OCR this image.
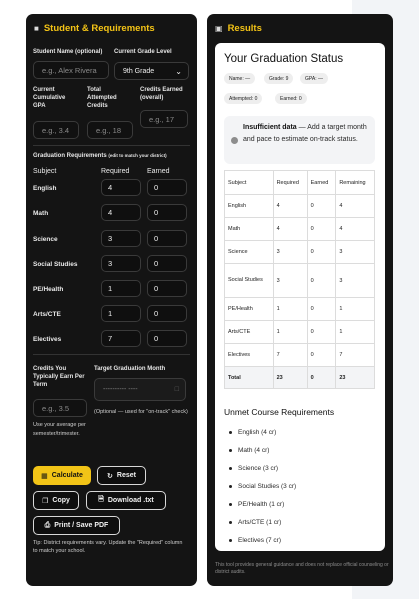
■ Student & Requirements
Student Name (optional)
e.g., Alex Rivera
Current Grade Level
9th Grade	⌄
Current Cumulative GPA
e.g., 3.4
Total Attempted Credits
e.g., 18
Credits Earned (overall)
e.g., 17
Graduation Requirements (edit to match your district)
Subject	Required	Earned
English	4	0
Math	4	0
Science	3	0
Social Studies	3	0
PE/Health	1	0
Arts/CTE	1	0
Electives	7	0
Credits You Typically Earn Per Term
e.g., 3.5
Use your average per semester/trimester.
Target Graduation Month
---------- ----	□
(Optional — used for "on-track" check)
▦ Calculate	↻ Reset
❐ Copy	🗎 Download .txt
⎙ Print / Save PDF
Tip: District requirements vary. Update the "Required" column to match your school.
▣ Results
Your Graduation Status
Name: —	Grade: 9	GPA: —
Attempted: 0	Earned: 0
Insufficient data — Add a target month and pace to estimate on-track status.
Subject	Required	Earned	Remaining
English	4	0	4
Math	4	0	4
Science	3	0	3
Social Studies	3	0	3
PE/Health	1	0	1
Arts/CTE	1	0	1
Electives	7	0	7
Total	23	0	23
Unmet Course Requirements
English (4 cr)
Math (4 cr)
Science (3 cr)
Social Studies (3 cr)
PE/Health (1 cr)
Arts/CTE (1 cr)
Electives (7 cr)
This tool provides general guidance and does not replace official counseling or district audits.
